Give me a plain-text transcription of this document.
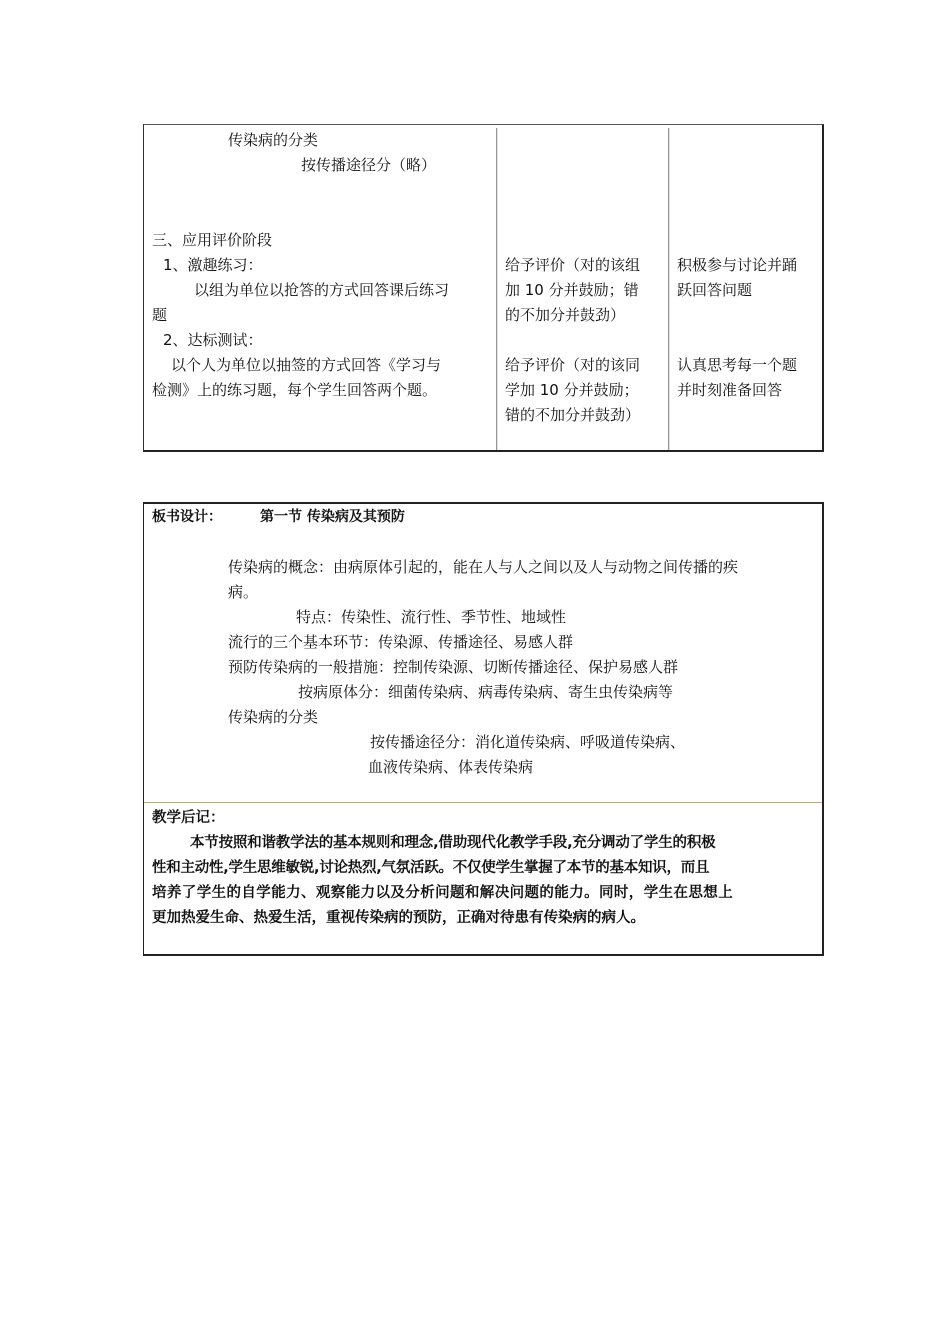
传染病的分类
按传播途径分（略）
三、应用评价阶段
1、激趣练习：
以组为单位以抢答的方式回答课后练习
题
2、达标测试：
以个人为单位以抽签的方式回答《学习与
检测》上的练习题，每个学生回答两个题。
给予评价（对的该组
加 10 分并鼓励；错
的不加分并鼓劲）
给予评价（对的该同
学加 10 分并鼓励；
错的不加分并鼓劲）
积极参与讨论并踊
跃回答问题
认真思考每一个题
并时刻准备回答
板书设计：	第一节 传染病及其预防
传染病的概念：由病原体引起的，能在人与人之间以及人与动物之间传播的疾
病。
特点：传染性、流行性、季节性、地域性
流行的三个基本环节：传染源、传播途径、易感人群
预防传染病的一般措施：控制传染源、切断传播途径、保护易感人群
按病原体分：细菌传染病、病毒传染病、寄生虫传染病等
传染病的分类
按传播途径分：消化道传染病、呼吸道传染病、
血液传染病、体表传染病
教学后记：
本节按照和谐教学法的基本规则和理念,借助现代化教学手段,充分调动了学生的积极
性和主动性,学生思维敏锐,讨论热烈,气氛活跃。不仅使学生掌握了本节的基本知识，而且
培养了学生的自学能力、观察能力以及分析问题和解决问题的能力。同时，学生在思想上
更加热爱生命、热爱生活，重视传染病的预防，正确对待患有传染病的病人。
